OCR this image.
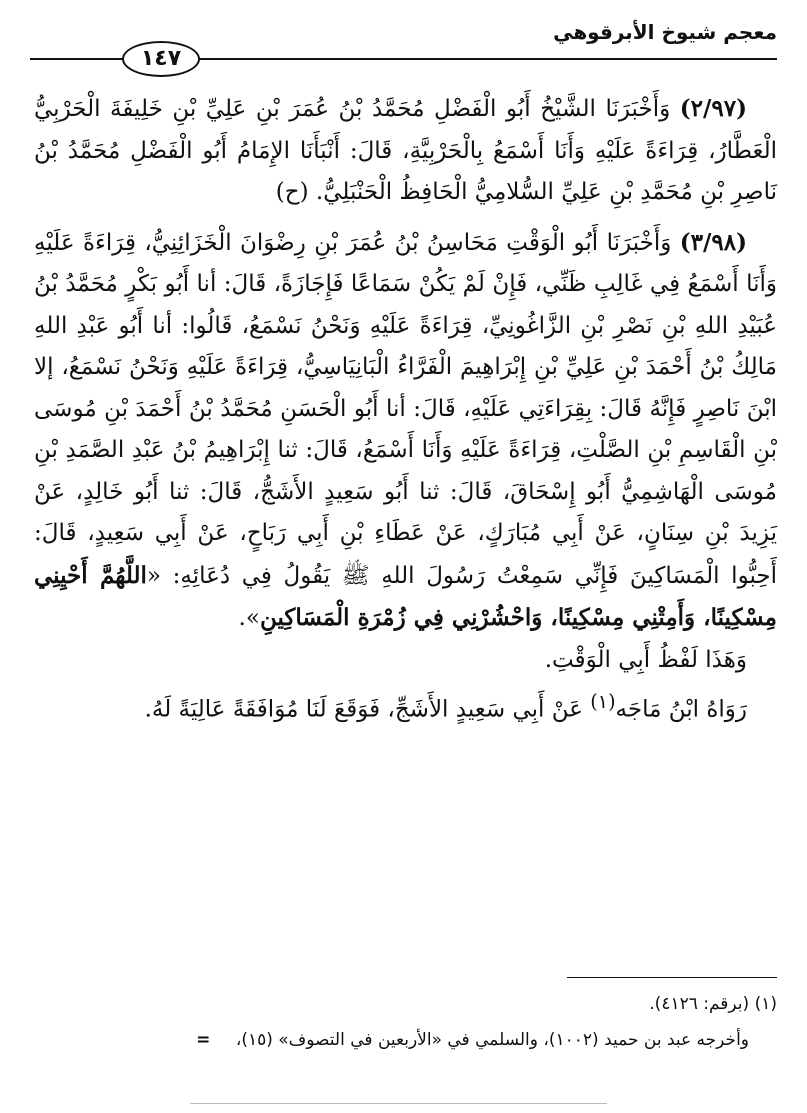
معجم شيوخ الأبرقوهي
١٤٧

(٢/٩٧) وَأَخْبَرَنَا الشَّيْخُ أَبُو الْفَضْلِ مُحَمَّدُ بْنُ عُمَرَ بْنِ عَلِيِّ بْنِ خَلِيفَةَ الْحَرْبِيُّ الْعَطَّارُ، قِرَاءَةً عَلَيْهِ وَأَنَا أَسْمَعُ بِالْحَرْبِيَّةِ، قَالَ: أَنْبَأَنَا الإِمَامُ أَبُو الْفَضْلِ مُحَمَّدُ بْنُ نَاصِرِ بْنِ مُحَمَّدِ بْنِ عَلِيِّ السُّلامِيُّ الْحَافِظُ الْحَنْبَلِيُّ. (ح)

(٣/٩٨) وَأَخْبَرَنَا أَبُو الْوَقْتِ مَحَاسِنُ بْنُ عُمَرَ بْنِ رِضْوَانَ الْخَزَائِنِيُّ، قِرَاءَةً عَلَيْهِ وَأَنَا أَسْمَعُ فِي غَالِبِ ظَنِّي، فَإِنْ لَمْ يَكُنْ سَمَاعًا فَإِجَازَةً، قَالَ: أنا أَبُو بَكْرٍ مُحَمَّدُ بْنُ عُبَيْدِ اللهِ بْنِ نَصْرِ بْنِ الزَّاغُونِيِّ، قِرَاءَةً عَلَيْهِ وَنَحْنُ نَسْمَعُ، قَالُوا: أنا أَبُو عَبْدِ اللهِ مَالِكُ بْنُ أَحْمَدَ بْنِ عَلِيِّ بْنِ إِبْرَاهِيمَ الْفَرَّاءُ الْبَانِيَاسِيُّ، قِرَاءَةً عَلَيْهِ وَنَحْنُ نَسْمَعُ، إلا ابْنَ نَاصِرٍ فَإِنَّهُ قَالَ: بِقِرَاءَتِي عَلَيْهِ، قَالَ: أنا أَبُو الْحَسَنِ مُحَمَّدُ بْنُ أَحْمَدَ بْنِ مُوسَى بْنِ الْقَاسِمِ بْنِ الصَّلْتِ، قِرَاءَةً عَلَيْهِ وَأَنَا أَسْمَعُ، قَالَ: ثنا إِبْرَاهِيمُ بْنُ عَبْدِ الصَّمَدِ بْنِ مُوسَى الْهَاشِمِيُّ أَبُو إِسْحَاقَ، قَالَ: ثنا أَبُو سَعِيدٍ الأَشَجُّ، قَالَ: ثنا أَبُو خَالِدٍ، عَنْ يَزِيدَ بْنِ سِنَانٍ، عَنْ أَبِي مُبَارَكٍ، عَنْ عَطَاءِ بْنِ أَبِي رَبَاحٍ، عَنْ أَبِي سَعِيدٍ، قَالَ: أَحِبُّوا الْمَسَاكِينَ فَإِنِّي سَمِعْتُ رَسُولَ اللهِ ﷺ يَقُولُ فِي دُعَائِهِ: «اللَّهُمَّ أَحْيِنِي مِسْكِينًا، وَأَمِتْنِي مِسْكِينًا، وَاحْشُرْنِي فِي زُمْرَةِ الْمَسَاكِينِ».

وَهَذَا لَفْظُ أَبِي الْوَقْتِ.

رَوَاهُ ابْنُ مَاجَه$^{(١)}$ عَنْ أَبِي سَعِيدٍ الأَشَجِّ، فَوَقَعَ لَنَا مُوَافَقَةً عَالِيَةً لَهُ.

(١) (برقم: ٤١٢٦).

وأخرجه عبد بن حميد (١٠٠٢)، والسلمي في «الأربعين في التصوف» (١٥)، =
